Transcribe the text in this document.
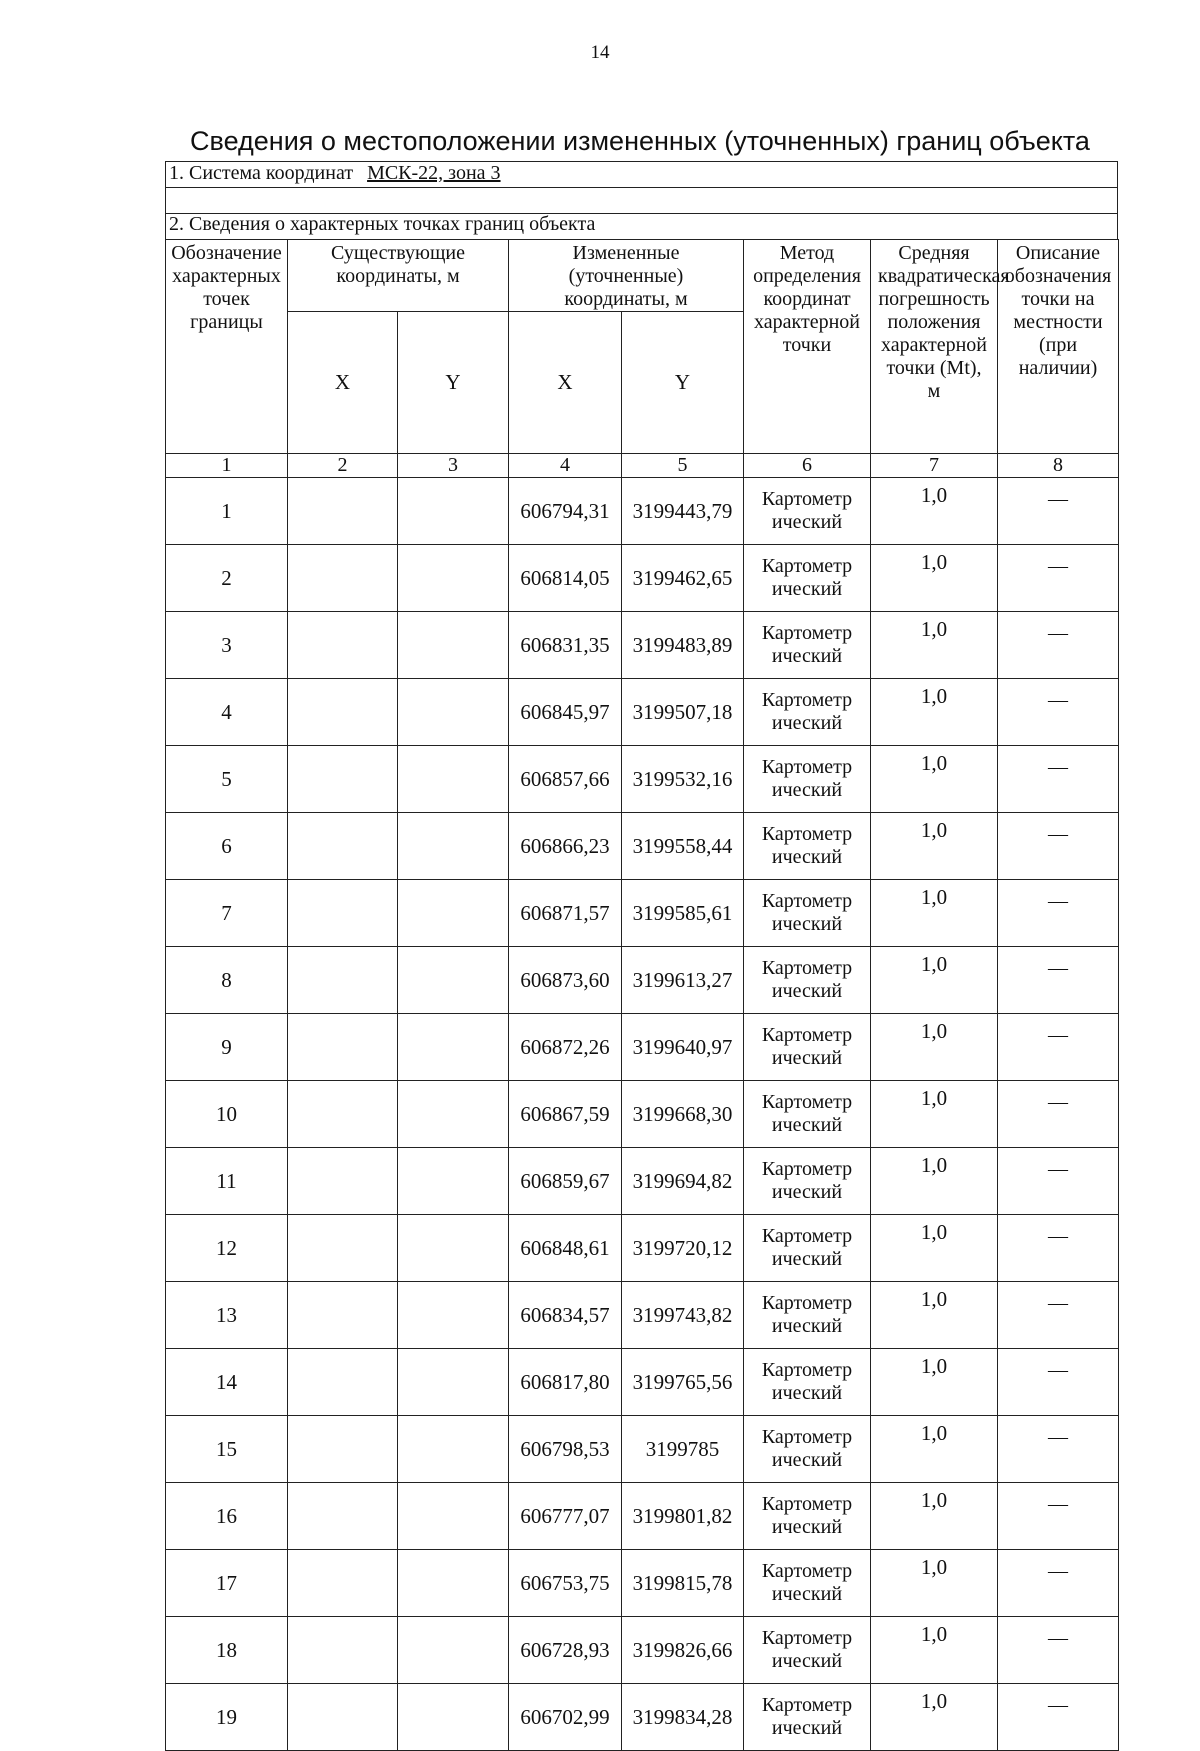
14
Сведения о местоположении измененных (уточненных) границ объекта
1. Система координат МСК-22, зона 3
2. Сведения о характерных точках границ объекта
Обозначение характерных точек границы	Существующие координаты, м		Измененные (уточненные) координаты, м		Метод определения координат характерной точки	Средняя квадратическая погрешность положения характерной точки (Mt), м	Описание обозначения точки на местности (при наличии)
	X	Y	X	Y			
1	2	3	4	5	6	7	8
1			606794,31	3199443,79	Картометрический	1,0	—
2			606814,05	3199462,65	Картометрический	1,0	—
3			606831,35	3199483,89	Картометрический	1,0	—
4			606845,97	3199507,18	Картометрический	1,0	—
5			606857,66	3199532,16	Картометрический	1,0	—
6			606866,23	3199558,44	Картометрический	1,0	—
7			606871,57	3199585,61	Картометрический	1,0	—
8			606873,60	3199613,27	Картометрический	1,0	—
9			606872,26	3199640,97	Картометрический	1,0	—
10			606867,59	3199668,30	Картометрический	1,0	—
11			606859,67	3199694,82	Картометрический	1,0	—
12			606848,61	3199720,12	Картометрический	1,0	—
13			606834,57	3199743,82	Картометрический	1,0	—
14			606817,80	3199765,56	Картометрический	1,0	—
15			606798,53	3199785	Картометрический	1,0	—
16			606777,07	3199801,82	Картометрический	1,0	—
17			606753,75	3199815,78	Картометрический	1,0	—
18			606728,93	3199826,66	Картометрический	1,0	—
19			606702,99	3199834,28	Картометрический	1,0	—
